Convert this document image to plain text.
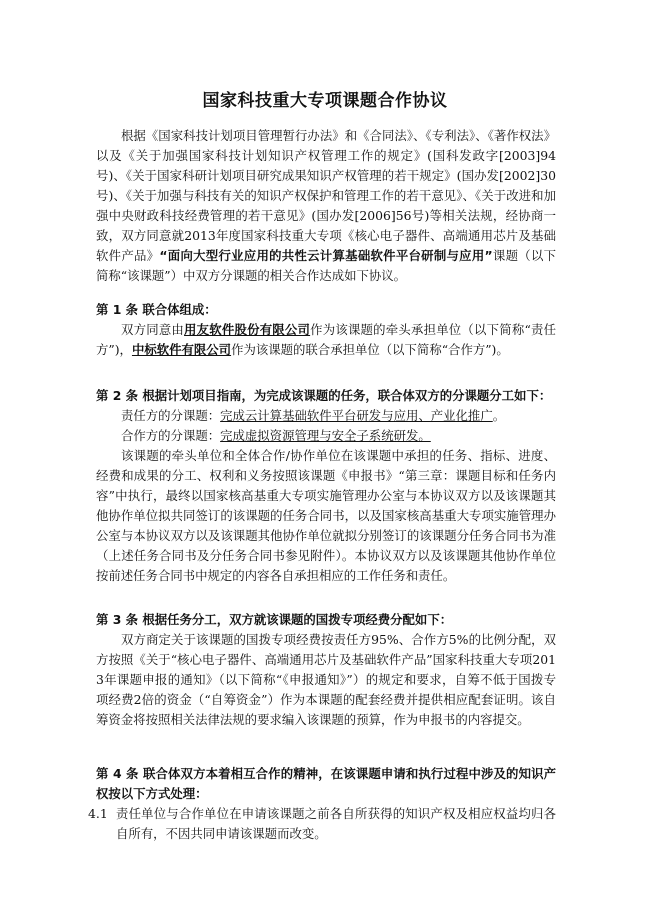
国家科技重大专项课题合作协议

根据《国家科技计划项目管理暂行办法》和《合同法》、《专利法》、《著作权法》以及《关于加强国家科技计划知识产权管理工作的规定》(国科发政字[2003]94号)、《关于国家科研计划项目研究成果知识产权管理的若干规定》(国办发[2002]30号)、《关于加强与科技有关的知识产权保护和管理工作的若干意见》、《关于改进和加强中央财政科技经费管理的若干意见》(国办发[2006]56号)等相关法规，经协商一致，双方同意就2013年度国家科技重大专项《核心电子器件、高端通用芯片及基础软件产品》“面向大型行业应用的共性云计算基础软件平台研制与应用”课题（以下简称“该课题”）中双方分课题的相关合作达成如下协议。

第 1 条 联合体组成：

双方同意由用友软件股份有限公司作为该课题的牵头承担单位（以下简称“责任方”)，中标软件有限公司作为该课题的联合承担单位（以下简称“合作方”)。

第 2 条 根据计划项目指南，为完成该课题的任务，联合体双方的分课题分工如下：

责任方的分课题：完成云计算基础软件平台研发与应用、产业化推广。

合作方的分课题：完成虚拟资源管理与安全子系统研发。

该课题的牵头单位和全体合作/协作单位在该课题中承担的任务、指标、进度、经费和成果的分工、权利和义务按照该课题《申报书》“第三章：课题目标和任务内容”中执行，最终以国家核高基重大专项实施管理办公室与本协议双方以及该课题其他协作单位拟共同签订的该课题的任务合同书，以及国家核高基重大专项实施管理办公室与本协议双方以及该课题其他协作单位就拟分别签订的该课题分任务合同书为准（上述任务合同书及分任务合同书参见附件）。本协议双方以及该课题其他协作单位按前述任务合同书中规定的内容各自承担相应的工作任务和责任。

第 3 条 根据任务分工，双方就该课题的国拨专项经费分配如下：

双方商定关于该课题的国拨专项经费按责任方95%、合作方5%的比例分配，双方按照《关于“核心电子器件、高端通用芯片及基础软件产品”国家科技重大专项2013年课题申报的通知》（以下简称“《申报通知》”）的规定和要求，自筹不低于国拨专项经费2倍的资金（“自筹资金”）作为本课题的配套经费并提供相应配套证明。该自筹资金将按照相关法律法规的要求编入该课题的预算，作为申报书的内容提交。

第 4 条 联合体双方本着相互合作的精神，在该课题申请和执行过程中涉及的知识产权按以下方式处理：

4.1 责任单位与合作单位在申请该课题之前各自所获得的知识产权及相应权益均归各自所有，不因共同申请该课题而改变。
